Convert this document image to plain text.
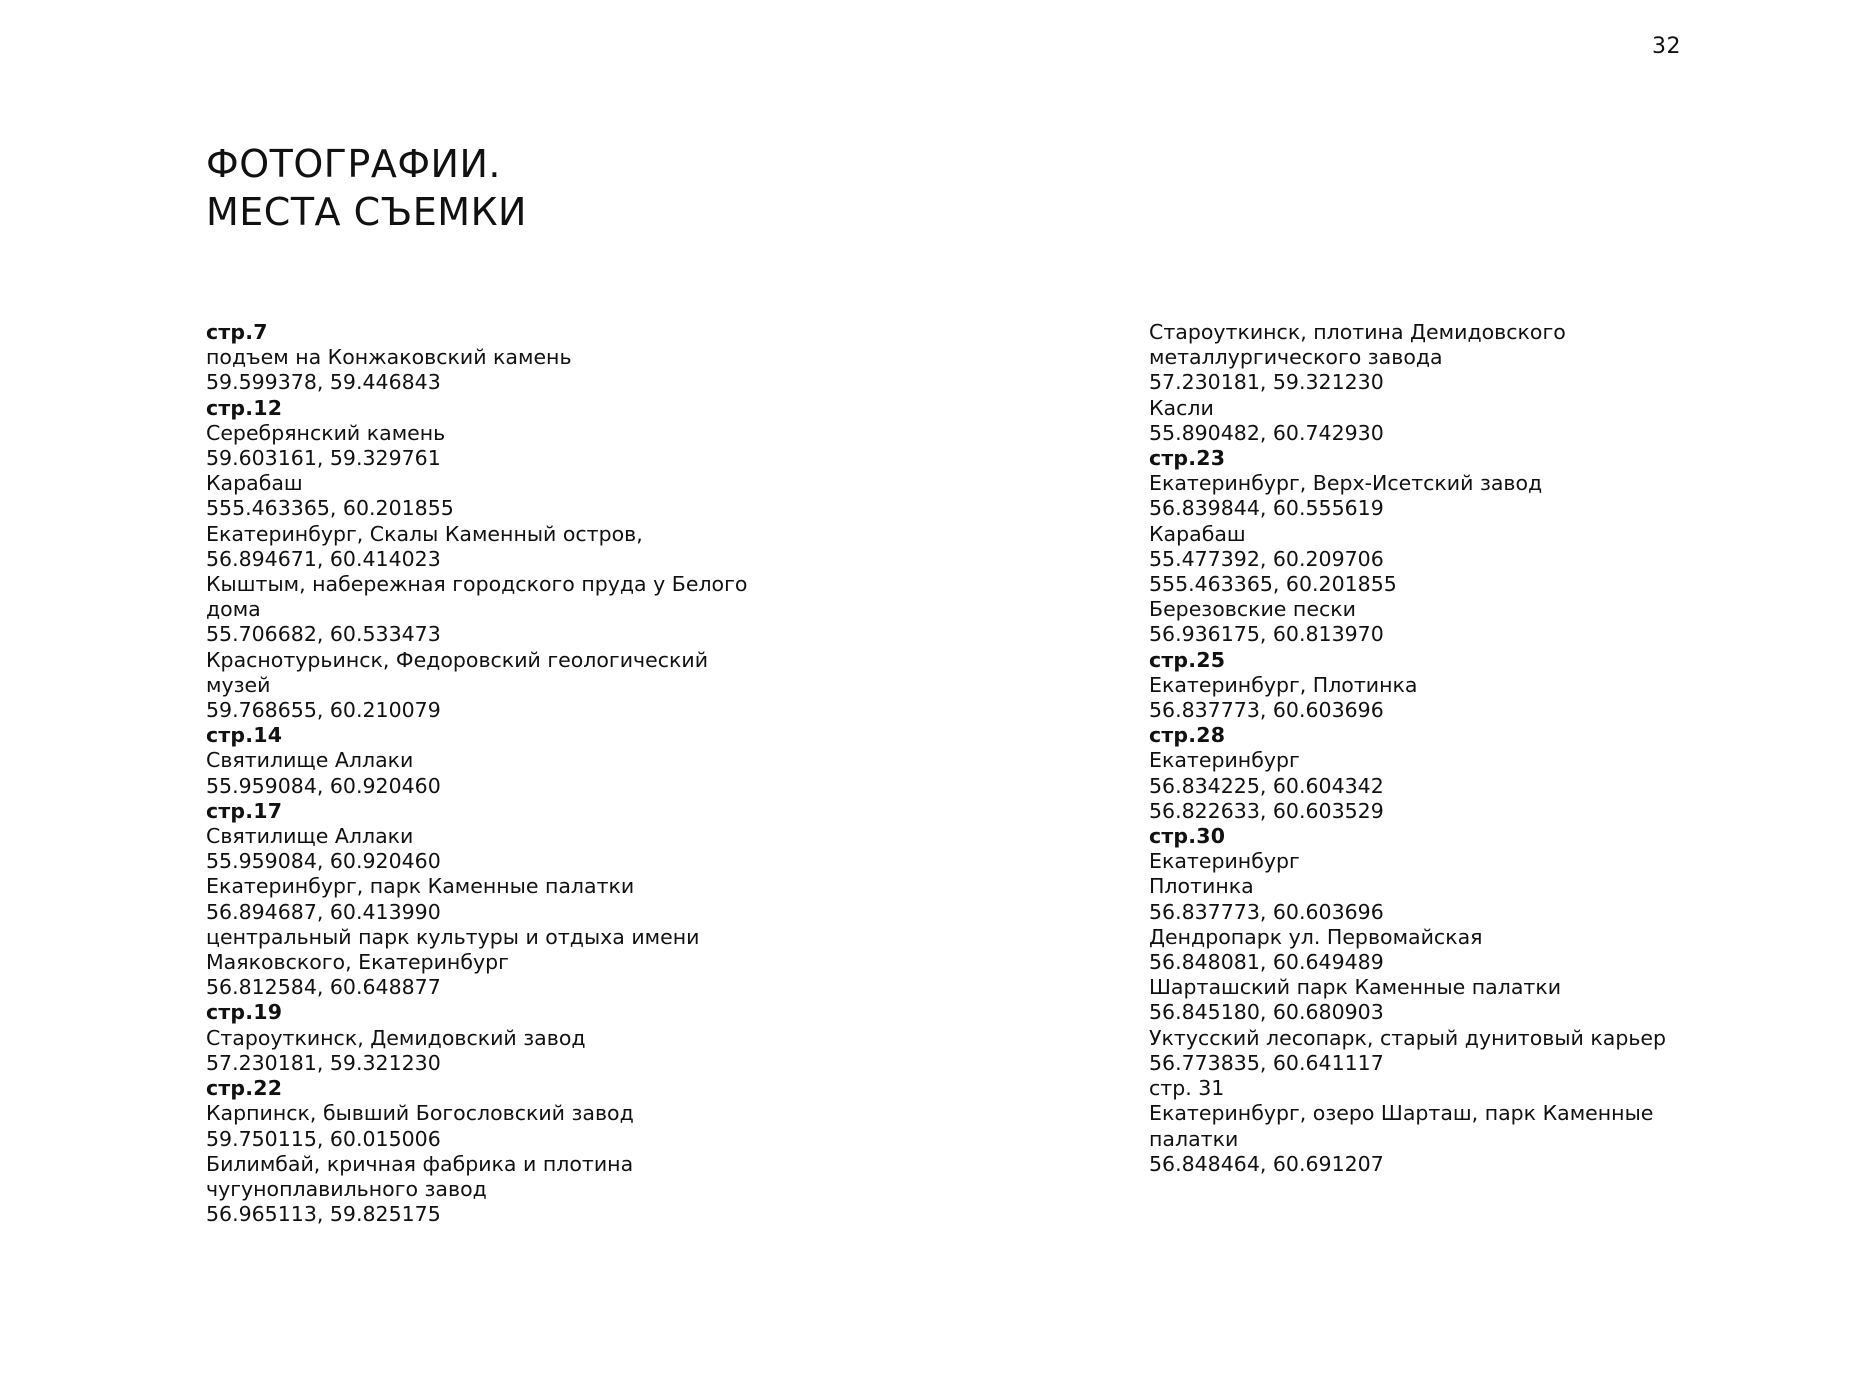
32
ФОТОГРАФИИ.
МЕСТА СЪЕМКИ
стр.7
подъем на Конжаковский камень
59.599378, 59.446843
стр.12
Серебрянский камень
59.603161, 59.329761
Карабаш
555.463365, 60.201855
Екатеринбург, Скалы Каменный остров,
56.894671, 60.414023
Кыштым, набережная городского пруда у Белого
дома
55.706682, 60.533473
Краснотурьинск, Федоровский геологический
музей
59.768655, 60.210079
стр.14
Святилище Аллаки
55.959084, 60.920460
стр.17
Святилище Аллаки
55.959084, 60.920460
Екатеринбург, парк Каменные палатки
56.894687, 60.413990
центральный парк культуры и отдыха имени
Маяковского, Екатеринбург
56.812584, 60.648877
стр.19
Староуткинск, Демидовский завод
57.230181, 59.321230
стр.22
Карпинск, бывший Богословский завод
59.750115, 60.015006
Билимбай, кричная фабрика и плотина
чугуноплавильного завод
56.965113, 59.825175
Староуткинск, плотина Демидовского
металлургического завода
57.230181, 59.321230
Касли
55.890482, 60.742930
стр.23
Екатеринбург, Верх-Исетский завод
56.839844, 60.555619
Карабаш
55.477392, 60.209706
555.463365, 60.201855
Березовские пески
56.936175, 60.813970
стр.25
Екатеринбург, Плотинка
56.837773, 60.603696
стр.28
Екатеринбург
56.834225, 60.604342
56.822633, 60.603529
стр.30
Екатеринбург
Плотинка
56.837773, 60.603696
Дендропарк ул. Первомайская
56.848081, 60.649489
Шарташский парк Каменные палатки
56.845180, 60.680903
Уктусский лесопарк, старый дунитовый карьер
56.773835, 60.641117
стр. 31
Екатеринбург, озеро Шарташ, парк Каменные
палатки
56.848464, 60.691207
